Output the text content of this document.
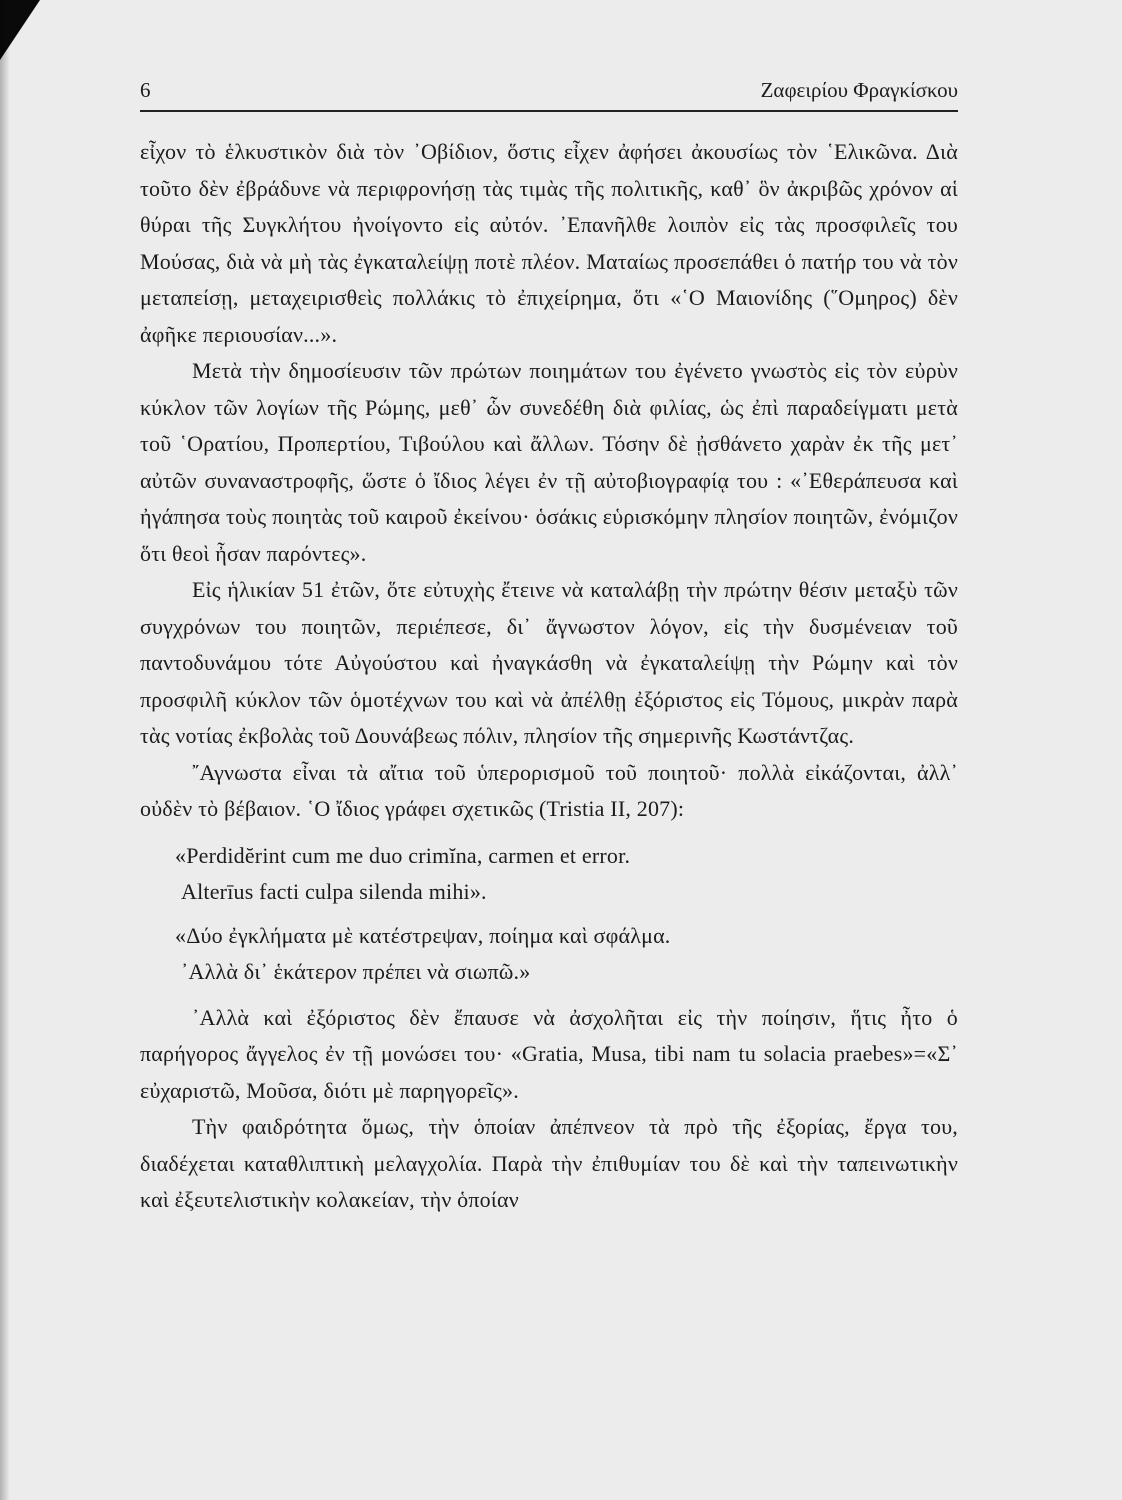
6	Ζαφειρίου Φραγκίσκου

εἶχον τὸ ἑλκυστικὸν διὰ τὸν ᾿Οβίδιον, ὅστις εἶχεν ἀφήσει ἀκουσίως τὸν ῾Ελικῶνα. Διὰ τοῦτο δὲν ἐβράδυνε νὰ περιφρονήσῃ τὰς τιμὰς τῆς πολιτικῆς, καθ᾿ ὃν ἀκριβῶς χρόνον αἱ θύραι τῆς Συγκλήτου ἠνοίγοντο εἰς αὐτόν. ᾿Επανῆλθε λοιπὸν εἰς τὰς προσφιλεῖς του Μούσας, διὰ νὰ μὴ τὰς ἐγκαταλείψῃ ποτὲ πλέον. Ματαίως προσεπάθει ὁ πατήρ του νὰ τὸν μεταπείσῃ, μεταχειρισθεὶς πολλάκις τὸ ἐπιχείρημα, ὅτι «῾Ο Μαιονίδης (῞Ομηρος) δὲν ἀφῆκε περιουσίαν...».

Μετὰ τὴν δημοσίευσιν τῶν πρώτων ποιημάτων του ἐγένετο γνωστὸς εἰς τὸν εὐρὺν κύκλον τῶν λογίων τῆς Ρώμης, μεθ᾿ ὧν συνεδέθη διὰ φιλίας, ὡς ἐπὶ παραδείγματι μετὰ τοῦ ῾Ορατίου, Προπερτίου, Τιβούλου καὶ ἄλλων. Τόσην δὲ ᾐσθάνετο χαρὰν ἐκ τῆς μετ᾿ αὐτῶν συναναστροφῆς, ὥστε ὁ ἴδιος λέγει ἐν τῇ αὐτοβιογραφίᾳ του : «᾿Εθεράπευσα καὶ ἠγάπησα τοὺς ποιητὰς τοῦ καιροῦ ἐκείνου· ὁσάκις εὑρισκόμην πλησίον ποιητῶν, ἐνόμιζον ὅτι θεοὶ ἦσαν παρόντες».

Εἰς ἡλικίαν 51 ἐτῶν, ὅτε εὐτυχὴς ἔτεινε νὰ καταλάβῃ τὴν πρώτην θέσιν μεταξὺ τῶν συγχρόνων του ποιητῶν, περιέπεσε, δι᾿ ἄγνωστον λόγον, εἰς τὴν δυσμένειαν τοῦ παντοδυνάμου τότε Αὐγούστου καὶ ἠναγκάσθη νὰ ἐγκαταλείψῃ τὴν Ρώμην καὶ τὸν προσφιλῆ κύκλον τῶν ὁμοτέχνων του καὶ νὰ ἀπέλθῃ ἐξόριστος εἰς Τόμους, μικρὰν παρὰ τὰς νοτίας ἐκβολὰς τοῦ Δουνάβεως πόλιν, πλησίον τῆς σημερινῆς Κωστάντζας.

῎Αγνωστα εἶναι τὰ αἴτια τοῦ ὑπερορισμοῦ τοῦ ποιητοῦ· πολλὰ εἰκάζονται, ἀλλ᾿ οὐδὲν τὸ βέβαιον. ῾Ο ἴδιος γράφει σχετικῶς (Tristia II, 207):

«Perdidĕrint cum me duo crimĭna, carmen et error.
Alterīus facti culpa silenda mihi».
«Δύο ἐγκλήματα μὲ κατέστρεψαν, ποίημα καὶ σφάλμα.
᾿Αλλὰ δι᾿ ἑκάτερον πρέπει νὰ σιωπῶ.»

᾿Αλλὰ καὶ ἐξόριστος δὲν ἔπαυσε νὰ ἀσχολῆται εἰς τὴν ποίησιν, ἥτις ἦτο ὁ παρήγορος ἄγγελος ἐν τῇ μονώσει του· «Gratia, Musa, tibi nam tu solacia praebes»=«Σ᾿ εὐχαριστῶ, Μοῦσα, διότι μὲ παρηγορεῖς».

Τὴν φαιδρότητα ὅμως, τὴν ὁποίαν ἀπέπνεον τὰ πρὸ τῆς ἐξορίας, ἔργα του, διαδέχεται καταθλιπτικὴ μελαγχολία. Παρὰ τὴν ἐπιθυμίαν του δὲ καὶ τὴν ταπεινωτικὴν καὶ ἐξευτελιστικὴν κολακείαν, τὴν ὁποίαν
